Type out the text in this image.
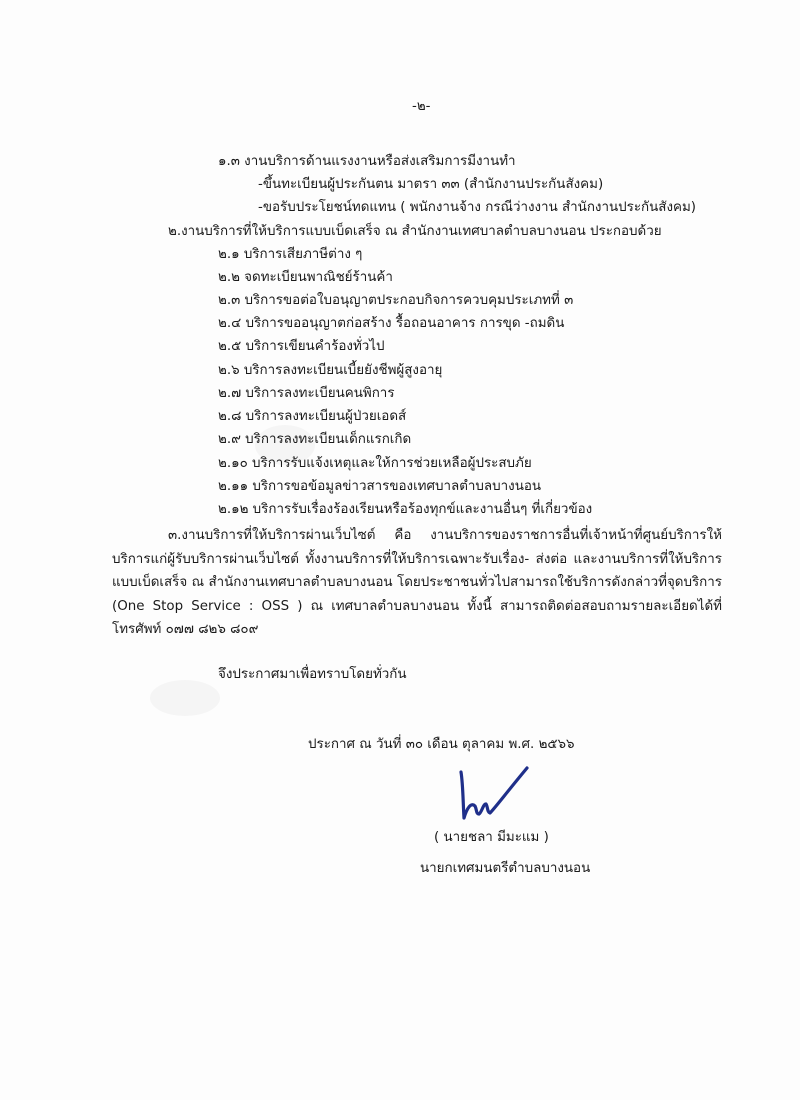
-๒-
๑.๓ งานบริการด้านแรงงานหรือส่งเสริมการมีงานทำ
-ขึ้นทะเบียนผู้ประกันตน มาตรา ๓๓ (สำนักงานประกันสังคม)
-ขอรับประโยชน์ทดแทน ( พนักงานจ้าง กรณีว่างงาน สำนักงานประกันสังคม)
๒.งานบริการที่ให้บริการแบบเบ็ดเสร็จ ณ สำนักงานเทศบาลตำบลบางนอน ประกอบด้วย
๒.๑ บริการเสียภาษีต่าง ๆ
๒.๒ จดทะเบียนพาณิชย์ร้านค้า
๒.๓ บริการขอต่อใบอนุญาตประกอบกิจการควบคุมประเภทที่ ๓
๒.๔ บริการขออนุญาตก่อสร้าง รื้อถอนอาคาร การขุด -ถมดิน
๒.๕ บริการเขียนคำร้องทั่วไป
๒.๖ บริการลงทะเบียนเบี้ยยังชีพผู้สูงอายุ
๒.๗ บริการลงทะเบียนคนพิการ
๒.๘ บริการลงทะเบียนผู้ป่วยเอดส์
๒.๙ บริการลงทะเบียนเด็กแรกเกิด
๒.๑๐ บริการรับแจ้งเหตุและให้การช่วยเหลือผู้ประสบภัย
๒.๑๑ บริการขอข้อมูลข่าวสารของเทศบาลตำบลบางนอน
๒.๑๒ บริการรับเรื่องร้องเรียนหรือร้องทุกข์และงานอื่นๆ ที่เกี่ยวข้อง
๓.งานบริการที่ให้บริการผ่านเว็บไซต์ คือ งานบริการของราชการอื่นที่เจ้าหน้าที่ศูนย์บริการให้บริการแก่ผู้รับบริการผ่านเว็บไซต์ ทั้งงานบริการที่ให้บริการเฉพาะรับเรื่อง- ส่งต่อ และงานบริการที่ให้บริการแบบเบ็ดเสร็จ ณ สำนักงานเทศบาลตำบลบางนอน โดยประชาชนทั่วไปสามารถใช้บริการดังกล่าวที่จุดบริการ (One Stop Service : OSS ) ณ เทศบาลตำบลบางนอน ทั้งนี้ สามารถติดต่อสอบถามรายละเอียดได้ที่ โทรศัพท์ ๐๗๗ ๘๒๖ ๘๐๙
จึงประกาศมาเพื่อทราบโดยทั่วกัน
ประกาศ ณ วันที่ ๓๐ เดือน ตุลาคม พ.ศ. ๒๕๖๖
( นายชลา มีมะแม )
นายกเทศมนตรีตำบลบางนอน
